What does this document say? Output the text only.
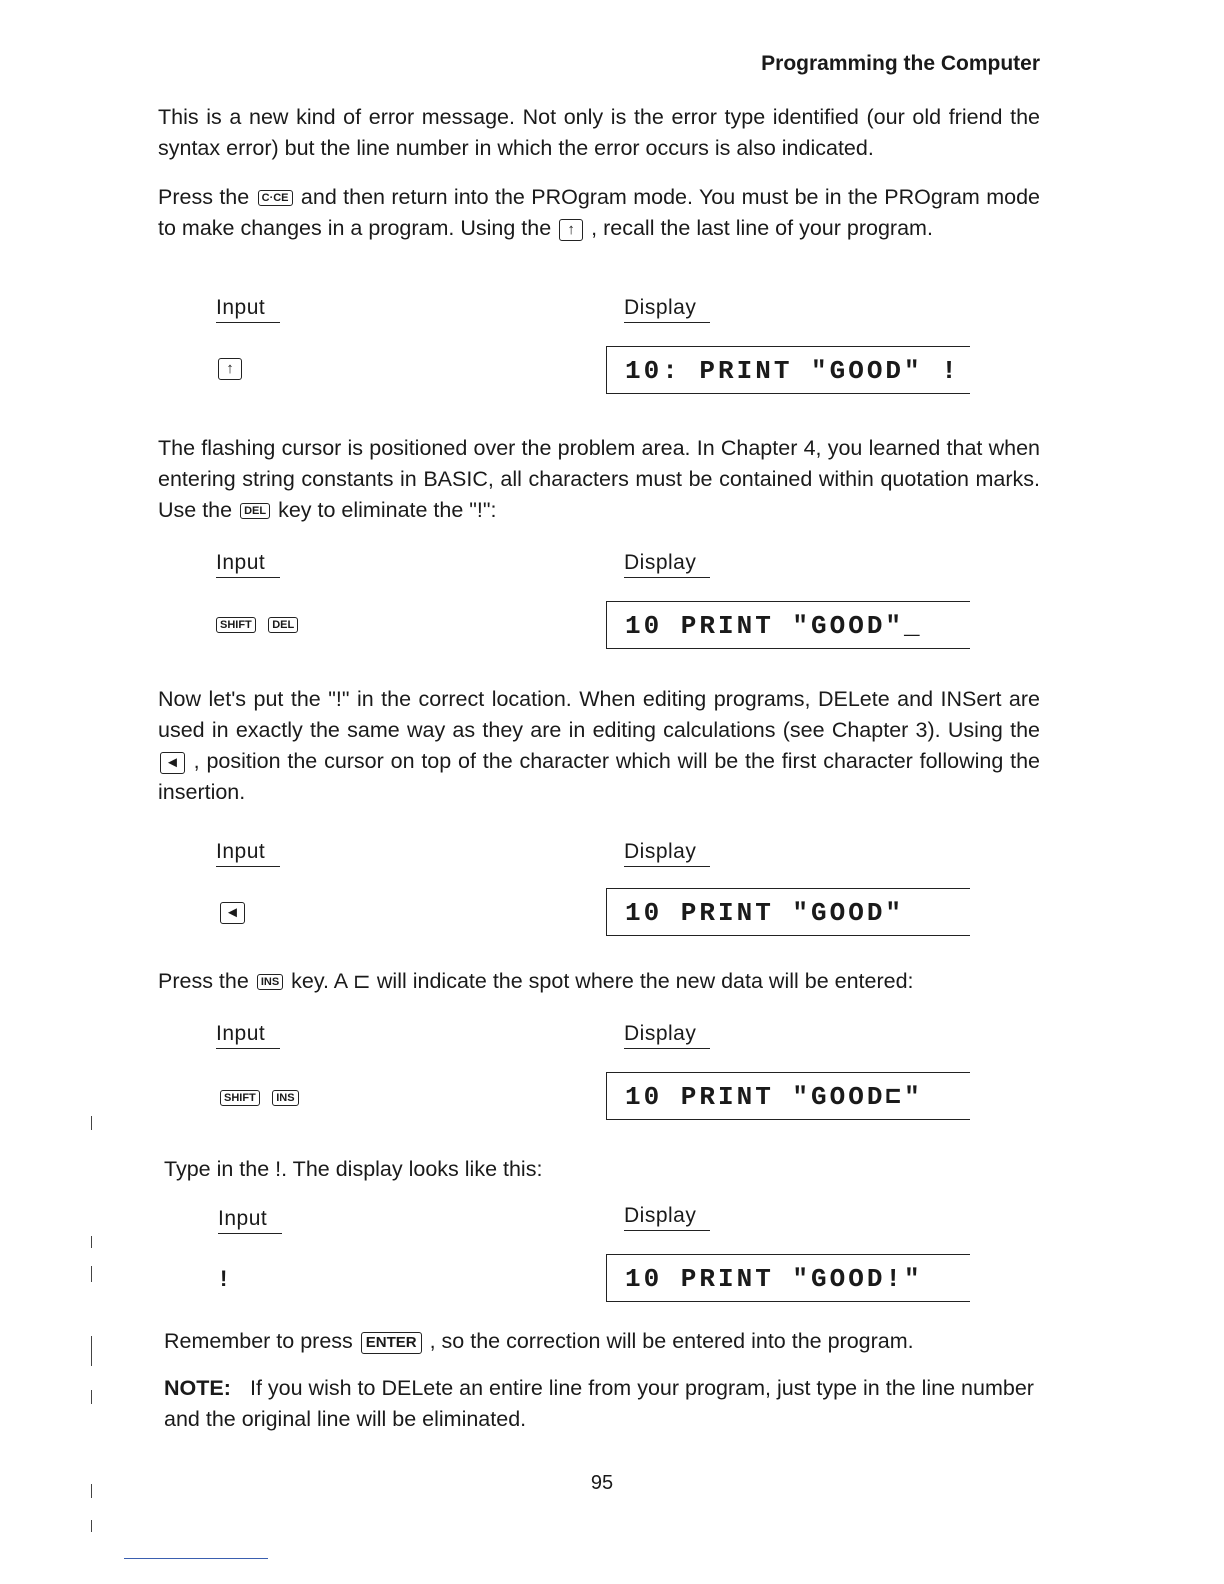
Programming the Computer
This is a new kind of error message. Not only is the error type identified (our old friend the syntax error) but the line number in which the error occurs is also indicated.
Press the C·CE and then return into the PROgram mode. You must be in the PROgram mode to make changes in a program. Using the ↑ , recall the last line of your program.
Input	Display
↑	10: PRINT "GOOD" !
The flashing cursor is positioned over the problem area. In Chapter 4, you learned that when entering string constants in BASIC, all characters must be contained within quotation marks. Use the DEL key to eliminate the "!":
Input	Display
SHIFT DEL	10 PRINT "GOOD"_
Now let's put the "!" in the correct location. When editing programs, DELete and INSert are used in exactly the same way as they are in editing calculations (see Chapter 3). Using the ◄ , position the cursor on top of the character which will be the first character following the insertion.
Input	Display
◄	10 PRINT "GOOD"
Press the INS key. A ⊏ will indicate the spot where the new data will be entered:
Input	Display
SHIFT INS	10 PRINT "GOOD⊏"
Type in the !. The display looks like this:
Input	Display
!	10 PRINT "GOOD!"
Remember to press ENTER , so the correction will be entered into the program.
NOTE: If you wish to DELete an entire line from your program, just type in the line number and the original line will be eliminated.
95
